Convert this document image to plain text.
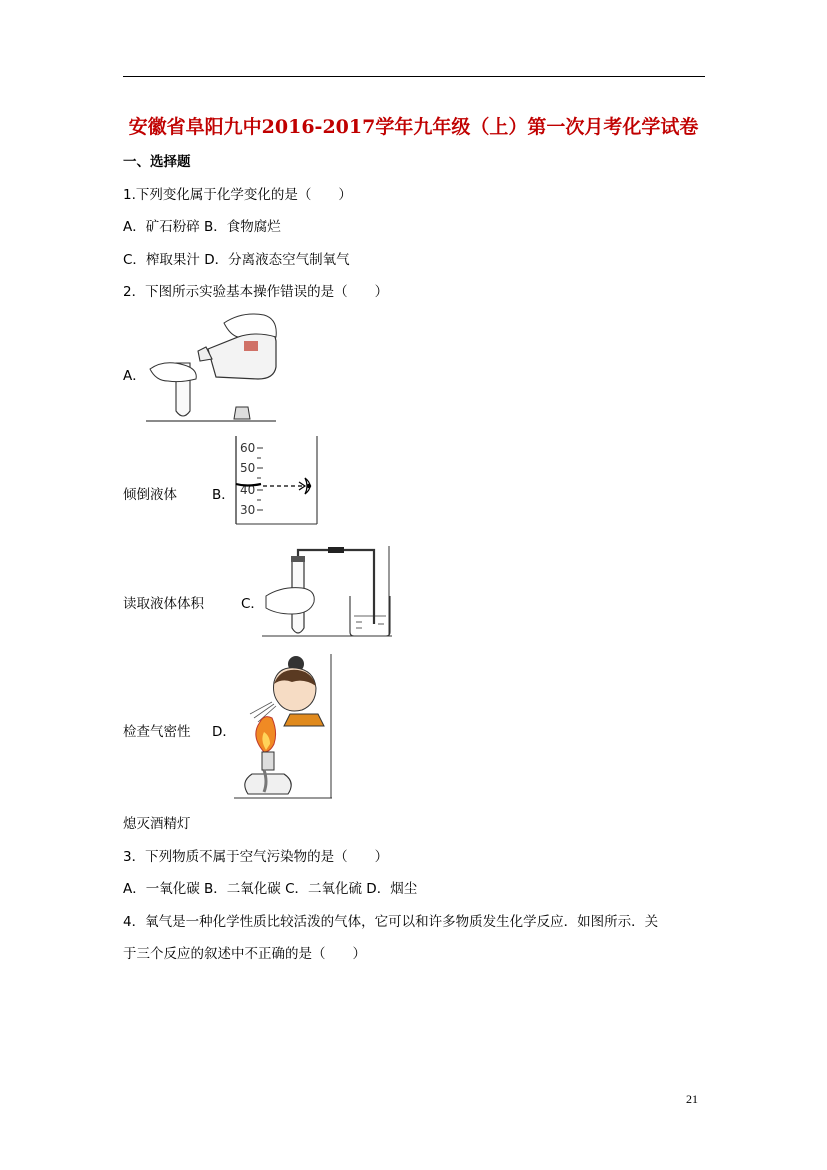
安徽省阜阳九中2016-2017学年九年级（上）第一次月考化学试卷
一、选择题
1.下列变化属于化学变化的是（　　）
A．矿石粉碎 B．食物腐烂
C．榨取果汁 D．分离液态空气制氧气
2．下图所示实验基本操作错误的是（　　）
A．
倾倒液体	B．
60
50
40
30
读取液体体积	C．
检查气密性 D．
熄灭酒精灯
3．下列物质不属于空气污染物的是（　　）
A．一氧化碳 B．二氧化碳 C．二氧化硫 D．烟尘
4．氧气是一种化学性质比较活泼的气体，它可以和许多物质发生化学反应．如图所示．关
于三个反应的叙述中不正确的是（　　）
21
